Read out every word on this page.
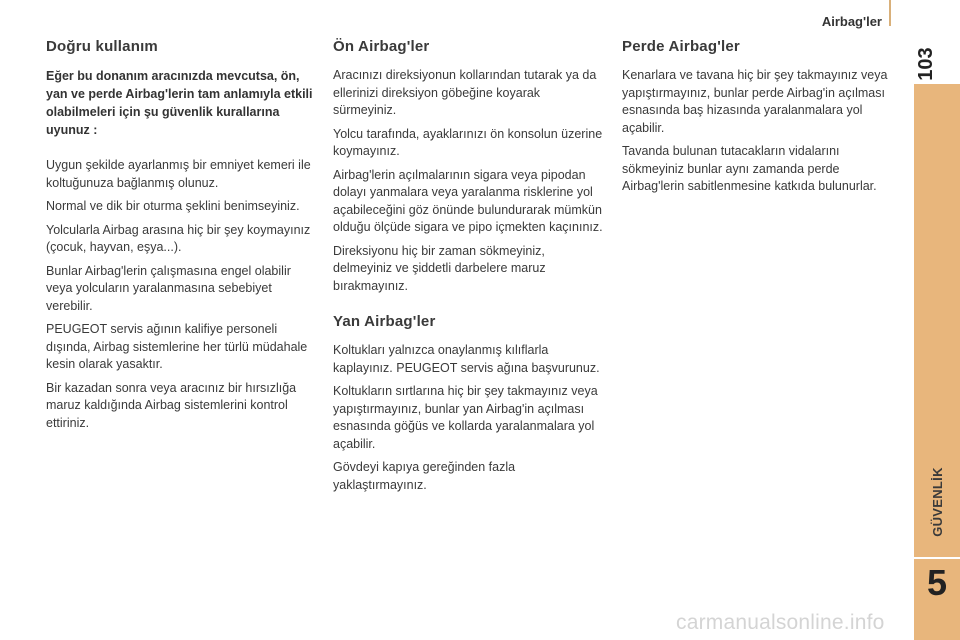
Airbag'ler
103
GÜVENLİK
5
Doğru kullanım

Eğer bu donanım aracınızda mevcutsa, ön, yan ve perde Airbag'lerin tam anlamıyla etkili olabilmeleri için şu güvenlik kurallarına uyunuz :

Uygun şekilde ayarlanmış bir emniyet kemeri ile koltuğunuza bağlanmış olunuz.

Normal ve dik bir oturma şeklini benimseyiniz.

Yolcularla Airbag arasına hiç bir şey koymayınız (çocuk, hayvan, eşya...).

Bunlar Airbag'lerin çalışmasına engel olabilir veya yolcuların yaralanmasına sebebiyet verebilir.

PEUGEOT servis ağının kalifiye personeli dışında, Airbag sistemlerine her türlü müdahale kesin olarak yasaktır.

Bir kazadan sonra veya aracınız bir hırsızlığa maruz kaldığında Airbag sistemlerini kontrol ettiriniz.

Ön Airbag'ler

Aracınızı direksiyonun kollarından tutarak ya da ellerinizi direksiyon göbeğine koyarak sürmeyiniz.

Yolcu tarafında, ayaklarınızı ön konsolun üzerine koymayınız.

Airbag'lerin açılmalarının sigara veya pipodan dolayı yanmalara veya yaralanma risklerine yol açabileceğini göz önünde bulundurarak mümkün olduğu ölçüde sigara ve pipo içmekten kaçınınız.

Direksiyonu hiç bir zaman sökmeyiniz, delmeyiniz ve şiddetli darbelere maruz bırakmayınız.

Yan Airbag'ler

Koltukları yalnızca onaylanmış kılıflarla kaplayınız. PEUGEOT servis ağına başvurunuz.

Koltukların sırtlarına hiç bir şey takmayınız veya yapıştırmayınız, bunlar yan Airbag'in açılması esnasında göğüs ve kollarda yaralanmalara yol açabilir.

Gövdeyi kapıya gereğinden fazla yaklaştırmayınız.

Perde Airbag'ler

Kenarlara ve tavana hiç bir şey takmayınız veya yapıştırmayınız, bunlar perde Airbag'in açılması esnasında baş hizasında yaralanmalara yol açabilir.

Tavanda bulunan tutacakların vidalarını sökmeyiniz bunlar aynı zamanda perde Airbag'lerin sabitlenmesine katkıda bulunurlar.

carmanualsonline.info
